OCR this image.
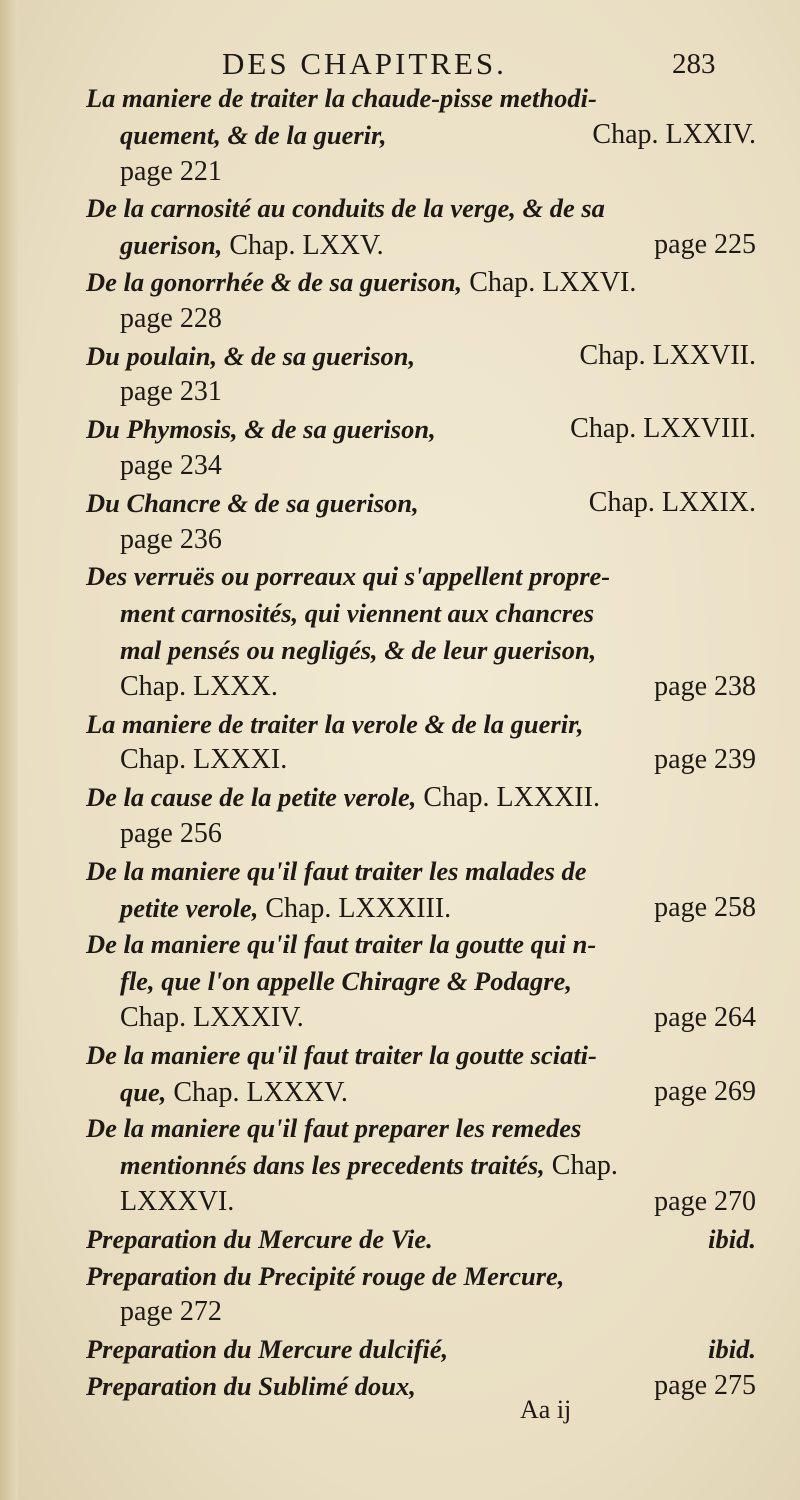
DES CHAPITRES.	283
La maniere de traiter la chaude-pisse methodi-
quement, & de la guerir,	Chap. LXXIV.
page 221
De la carnosité au conduits de la verge, & de sa
guerison, Chap. LXXV.	page 225
De la gonorrhée & de sa guerison, Chap. LXXVI.
page 228
Du poulain, & de sa guerison,	Chap. LXXVII.
page 231
Du Phymosis, & de sa guerison,	Chap. LXXVIII.
page 234
Du Chancre & de sa guerison,	Chap. LXXIX.
page 236
Des verruës ou porreaux qui s'appellent propre-
ment carnosités, qui viennent aux chancres
mal pensés ou negligés, & de leur guerison,
Chap. LXXX.	page 238
La maniere de traiter la verole & de la guerir,
Chap. LXXXI.	page 239
De la cause de la petite verole, Chap. LXXXII.
page 256
De la maniere qu'il faut traiter les malades de
petite verole, Chap. LXXXIII.	page 258
De la maniere qu'il faut traiter la goutte qui n-
fle, que l'on appelle Chiragre & Podagre,
Chap. LXXXIV.	page 264
De la maniere qu'il faut traiter la goutte sciati-
que, Chap. LXXXV.	page 269
De la maniere qu'il faut preparer les remedes
mentionnés dans les precedents traités, Chap.
LXXXVI.	page 270
Preparation du Mercure de Vie.	ibid.
Preparation du Precipité rouge de Mercure,
page 272
Preparation du Mercure dulcifié,	ibid.
Preparation du Sublimé doux,	page 275
Aa ij
